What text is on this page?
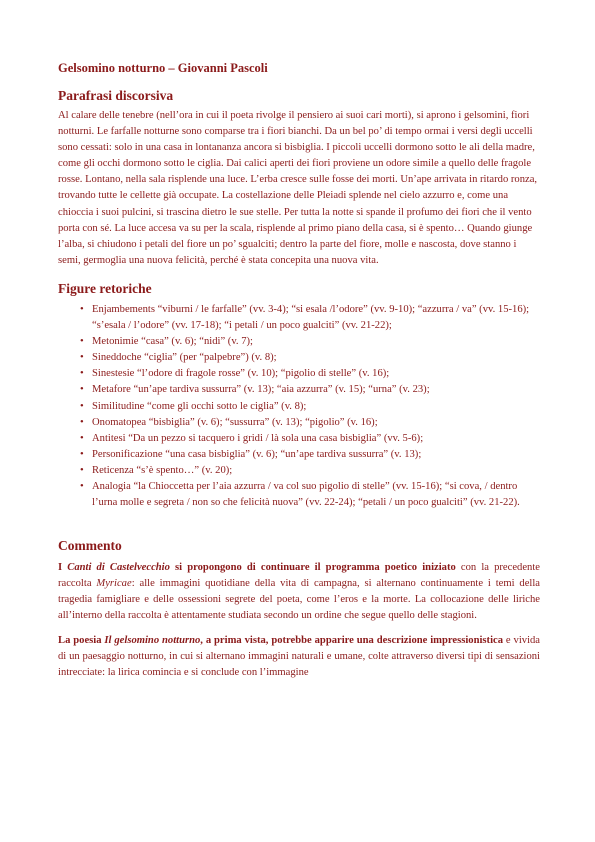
Gelsomino notturno – Giovanni Pascoli
Parafrasi discorsiva

Al calare delle tenebre (nell’ora in cui il poeta rivolge il pensiero ai suoi cari morti), si aprono i gelsomini, fiori notturni. Le farfalle notturne sono comparse tra i fiori bianchi. Da un bel po’ di tempo ormai i versi degli uccelli sono cessati: solo in una casa in lontananza ancora si bisbiglia. I piccoli uccelli dormono sotto le ali della madre, come gli occhi dormono sotto le ciglia. Dai calici aperti dei fiori proviene un odore simile a quello delle fragole rosse. Lontano, nella sala risplende una luce. L’erba cresce sulle fosse dei morti. Un’ape arrivata in ritardo ronza, trovando tutte le cellette già occupate. La costellazione delle Pleiadi splende nel cielo azzurro e, come una chioccia i suoi pulcini, si trascina dietro le sue stelle. Per tutta la notte si spande il profumo dei fiori che il vento porta con sé. La luce accesa va su per la scala, risplende al primo piano della casa, si è spento… Quando giunge l’alba, si chiudono i petali del fiore un po’ sgualciti; dentro la parte del fiore, molle e nascosta, dove stanno i semi, germoglia una nuova felicità, perché è stata concepita una nuova vita.

Figure retoriche
• Enjambements “viburni / le farfalle” (vv. 3-4); “si esala /l’odore” (vv. 9-10); “azzurra / va” (vv. 15-16); “s’esala / l’odore” (vv. 17-18); “i petali / un poco gualciti” (vv. 21-22);
• Metonimie “casa” (v. 6); “nidi” (v. 7);
• Sineddoche “ciglia” (per “palpebre”) (v. 8);
• Sinestesie “l’odore di fragole rosse” (v. 10); “pigolio di stelle” (v. 16);
• Metafore “un’ape tardiva sussurra” (v. 13); “aia azzurra” (v. 15); “urna” (v. 23);
• Similitudine “come gli occhi sotto le ciglia” (v. 8);
• Onomatopea “bisbiglia” (v. 6); “sussurra” (v. 13); “pigolio” (v. 16);
• Antitesi “Da un pezzo si tacquero i gridi / là sola una casa bisbiglia” (vv. 5-6);
• Personificazione “una casa bisbiglia” (v. 6); “un’ape tardiva sussurra” (v. 13);
• Reticenza “s’è spento…” (v. 20);
• Analogia “la Chioccetta per l’aia azzurra / va col suo pigolio di stelle” (vv. 15-16); “si cova, / dentro l’urna molle e segreta / non so che felicità nuova” (vv. 22-24); “petali / un poco gualciti” (vv. 21-22).
Commento

I Canti di Castelvecchio si propongono di continuare il programma poetico iniziato con la precedente raccolta Myricae: alle immagini quotidiane della vita di campagna, si alternano continuamente i temi della tragedia famigliare e delle ossessioni segrete del poeta, come l’eros e la morte. La collocazione delle liriche all’interno della raccolta è attentamente studiata secondo un ordine che segue quello delle stagioni.

La poesia Il gelsomino notturno, a prima vista, potrebbe apparire una descrizione impressionistica e vivida di un paesaggio notturno, in cui si alternano immagini naturali e umane, colte attraverso diversi tipi di sensazioni intrecciate: la lirica comincia e si conclude con l’immagine
